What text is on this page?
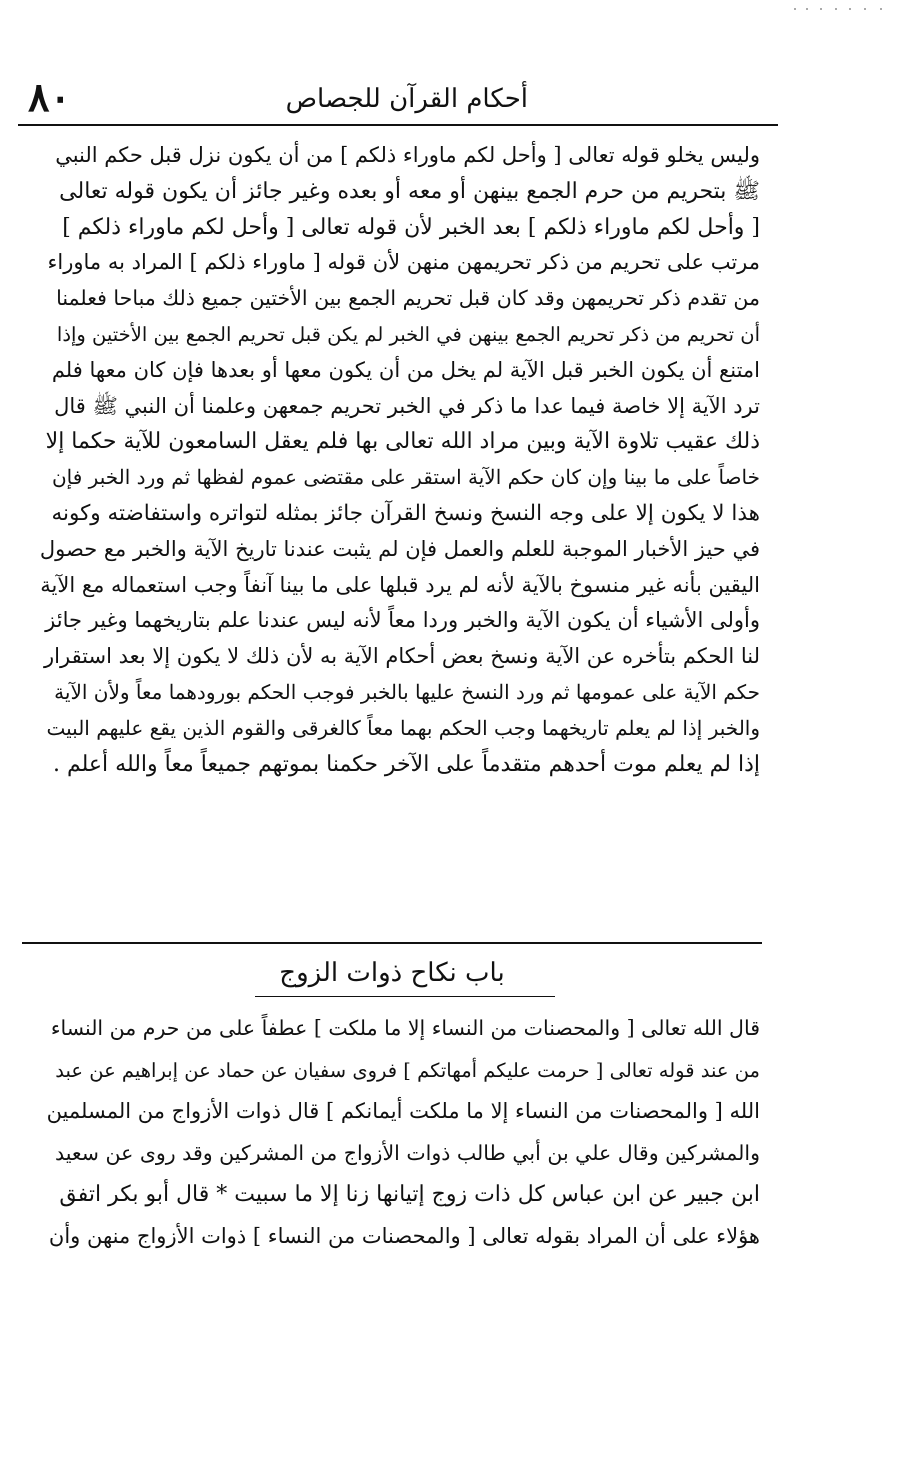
٨٠	أحكام القرآن للجصاص
وليس يخلو قوله تعالى [ وأحل لكم ماوراء ذلكم ] من أن يكون نزل قبل حكم النبي
ﷺ بتحريم من حرم الجمع بينهن أو معه أو بعده وغير جائز أن يكون قوله تعالى
[ وأحل لكم ماوراء ذلكم ] بعد الخبر لأن قوله تعالى [ وأحل لكم ماوراء ذلكم ]
مرتب على تحريم من ذكر تحريمهن منهن لأن قوله [ ماوراء ذلكم ] المراد به ماوراء
من تقدم ذكر تحريمهن وقد كان قبل تحريم الجمع بين الأختين جميع ذلك مباحا فعلمنا
أن تحريم من ذكر تحريم الجمع بينهن في الخبر لم يكن قبل تحريم الجمع بين الأختين وإذا
امتنع أن يكون الخبر قبل الآية لم يخل من أن يكون معها أو بعدها فإن كان معها فلم
ترد الآية إلا خاصة فيما عدا ما ذكر في الخبر تحريم جمعهن وعلمنا أن النبي ﷺ قال
ذلك عقيب تلاوة الآية وبين مراد الله تعالى بها فلم يعقل السامعون للآية حكما إلا
خاصاً على ما بينا وإن كان حكم الآية استقر على مقتضى عموم لفظها ثم ورد الخبر فإن
هذا لا يكون إلا على وجه النسخ ونسخ القرآن جائز بمثله لتواتره واستفاضته وكونه
في حيز الأخبار الموجبة للعلم والعمل فإن لم يثبت عندنا تاريخ الآية والخبر مع حصول
اليقين بأنه غير منسوخ بالآية لأنه لم يرد قبلها على ما بينا آنفاً وجب استعماله مع الآية
وأولى الأشياء أن يكون الآية والخبر وردا معاً لأنه ليس عندنا علم بتاريخهما وغير جائز
لنا الحكم بتأخره عن الآية ونسخ بعض أحكام الآية به لأن ذلك لا يكون إلا بعد استقرار
حكم الآية على عمومها ثم ورد النسخ عليها بالخبر فوجب الحكم بورودهما معاً ولأن الآية
والخبر إذا لم يعلم تاريخهما وجب الحكم بهما معاً كالغرقى والقوم الذين يقع عليهم البيت
إذا لم يعلم موت أحدهم متقدماً على الآخر حكمنا بموتهم جميعاً معاً والله أعلم .
باب نكاح ذوات الزوج
قال الله تعالى [ والمحصنات من النساء إلا ما ملكت ] عطفاً على من حرم من النساء
من عند قوله تعالى [ حرمت عليكم أمهاتكم ] فروى سفيان عن حماد عن إبراهيم عن عبد
الله [ والمحصنات من النساء إلا ما ملكت أيمانكم ] قال ذوات الأزواج من المسلمين
والمشركين وقال علي بن أبي طالب ذوات الأزواج من المشركين وقد روى عن سعيد
ابن جبير عن ابن عباس كل ذات زوج إتيانها زنا إلا ما سبيت * قال أبو بكر اتفق
هؤلاء على أن المراد بقوله تعالى [ والمحصنات من النساء ] ذوات الأزواج منهن وأن
